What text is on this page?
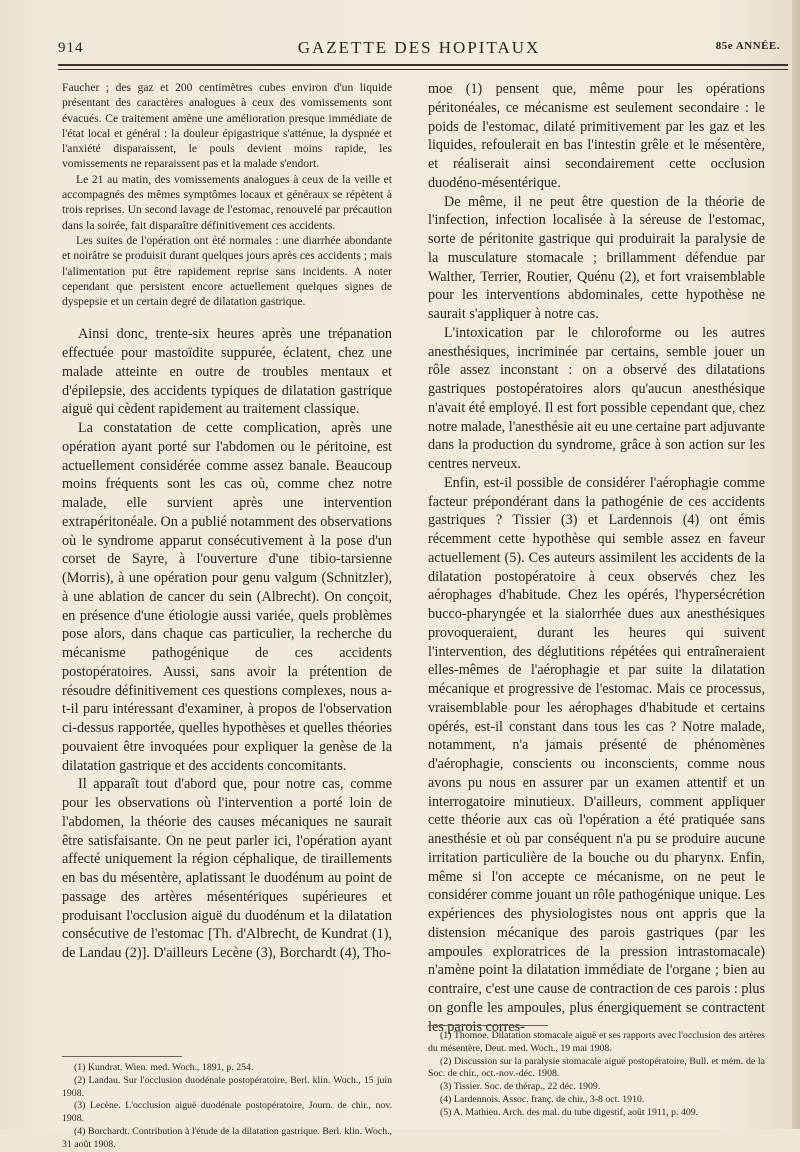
914	GAZETTE DES HOPITAUX	85e ANNÉE.

Faucher ; des gaz et 200 centimètres cubes environ d'un liquide présentant des caractères analogues à ceux des vomissements sont évacués. Ce traitement amène une amélioration presque immédiate de l'état local et général : la douleur épigastrique s'atténue, la dyspnée et l'anxiété disparaissent, le pouls devient moins rapide, les vomissements ne reparaissent pas et la malade s'endort.

Le 21 au matin, des vomissements analogues à ceux de la veille et accompagnés des mêmes symptômes locaux et généraux se répètent à trois reprises. Un second lavage de l'estomac, renouvelé par précaution dans la soirée, fait disparaître définitivement ces accidents.

Les suites de l'opération ont été normales : une diarrhée abondante et noirâtre se produisit durant quelques jours après ces accidents ; mais l'alimentation put être rapidement reprise sans incidents. A noter cependant que persistent encore actuellement quelques signes de dyspepsie et un certain degré de dilatation gastrique.

Ainsi donc, trente-six heures après une trépanation effectuée pour mastoïdite suppurée, éclatent, chez une malade atteinte en outre de troubles mentaux et d'épilepsie, des accidents typiques de dilatation gastrique aiguë qui cèdent rapidement au traitement classique.

La constatation de cette complication, après une opération ayant porté sur l'abdomen ou le péritoine, est actuellement considérée comme assez banale. Beaucoup moins fréquents sont les cas où, comme chez notre malade, elle survient après une intervention extrapéritonéale. On a publié notamment des observations où le syndrome apparut consécutivement à la pose d'un corset de Sayre, à l'ouverture d'une tibio-tarsienne (Morris), à une opération pour genu valgum (Schnitzler), à une ablation de cancer du sein (Albrecht). On conçoit, en présence d'une étiologie aussi variée, quels problèmes pose alors, dans chaque cas particulier, la recherche du mécanisme pathogénique de ces accidents postopératoires. Aussi, sans avoir la prétention de résoudre définitivement ces questions complexes, nous a-t-il paru intéressant d'examiner, à propos de l'observation ci-dessus rapportée, quelles hypothèses et quelles théories pouvaient être invoquées pour expliquer la genèse de la dilatation gastrique et des accidents concomitants.

Il apparaît tout d'abord que, pour notre cas, comme pour les observations où l'intervention a porté loin de l'abdomen, la théorie des causes mécaniques ne saurait être satisfaisante. On ne peut parler ici, l'opération ayant affecté uniquement la région céphalique, de tiraillements en bas du mésentère, aplatissant le duodénum au point de passage des artères mésentériques supérieures et produisant l'occlusion aiguë du duodénum et la dilatation consécutive de l'estomac [Th. d'Albrecht, de Kundrat (1), de Landau (2)]. D'ailleurs Lecène (3), Borchardt (4), Tho-

(1) Kundrat. Wien. med. Woch., 1891, p. 254.

(2) Landau. Sur l'occlusion duodénale postopératoire, Berl. klin. Woch., 15 juin 1908.

(3) Lecène. L'occlusion aiguë duodénale postopératoire, Journ. de chir., nov. 1908.

(4) Borchardt. Contribution à l'étude de la dilatation gastrique. Berl. klin. Woch., 31 août 1908.

moe (1) pensent que, même pour les opérations péritonéales, ce mécanisme est seulement secondaire : le poids de l'estomac, dilaté primitivement par les gaz et les liquides, refoulerait en bas l'intestin grêle et le mésentère, et réaliserait ainsi secondairement cette occlusion duodéno-mésentérique.

De même, il ne peut être question de la théorie de l'infection, infection localisée à la séreuse de l'estomac, sorte de péritonite gastrique qui produirait la paralysie de la musculature stomacale ; brillamment défendue par Walther, Terrier, Routier, Quénu (2), et fort vraisemblable pour les interventions abdominales, cette hypothèse ne saurait s'appliquer à notre cas.

L'intoxication par le chloroforme ou les autres anesthésiques, incriminée par certains, semble jouer un rôle assez inconstant : on a observé des dilatations gastriques postopératoires alors qu'aucun anesthésique n'avait été employé. Il est fort possible cependant que, chez notre malade, l'anesthésie ait eu une certaine part adjuvante dans la production du syndrome, grâce à son action sur les centres nerveux.

Enfin, est-il possible de considérer l'aérophagie comme facteur prépondérant dans la pathogénie de ces accidents gastriques ? Tissier (3) et Lardennois (4) ont émis récemment cette hypothèse qui semble assez en faveur actuellement (5). Ces auteurs assimilent les accidents de la dilatation postopératoire à ceux observés chez les aérophages d'habitude. Chez les opérés, l'hypersécrétion bucco-pharyngée et la sialorrhée dues aux anesthésiques provoqueraient, durant les heures qui suivent l'intervention, des déglutitions répétées qui entraîneraient elles-mêmes de l'aérophagie et par suite la dilatation mécanique et progressive de l'estomac. Mais ce processus, vraisemblable pour les aérophages d'habitude et certains opérés, est-il constant dans tous les cas ? Notre malade, notamment, n'a jamais présenté de phénomènes d'aérophagie, conscients ou inconscients, comme nous avons pu nous en assurer par un examen attentif et un interrogatoire minutieux. D'ailleurs, comment appliquer cette théorie aux cas où l'opération a été pratiquée sans anesthésie et où par conséquent n'a pu se produire aucune irritation particulière de la bouche ou du pharynx. Enfin, même si l'on accepte ce mécanisme, on ne peut le considérer comme jouant un rôle pathogénique unique. Les expériences des physiologistes nous ont appris que la distension mécanique des parois gastriques (par les ampoules exploratrices de la pression intrastomacale) n'amène point la dilatation immédiate de l'organe ; bien au contraire, c'est une cause de contraction de ces parois : plus on gonfle les ampoules, plus énergiquement se contractent les parois corres-

(1) Thomoe. Dilatation stomacale aiguë et ses rapports avec l'occlusion des artères du mésentère, Deut. med. Woch., 19 mai 1908.

(2) Discussion sur la paralysie stomacale aiguë postopératoire, Bull. et mém. de la Soc. de chir., oct.-nov.-déc. 1908.

(3) Tissier. Soc. de thérap., 22 déc. 1909.

(4) Lardennois. Assoc. franç. de chir., 3-8 oct. 1910.

(5) A. Mathieu. Arch. des mal. du tube digestif, août 1911, p. 409.
